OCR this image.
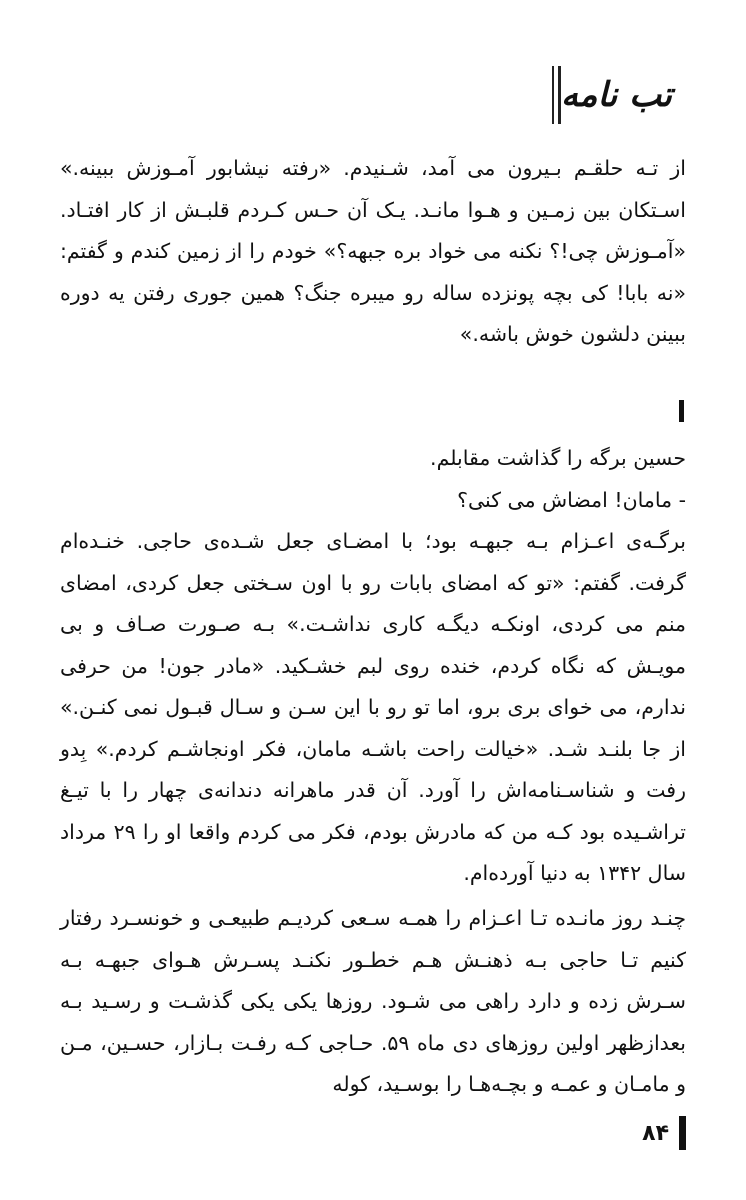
تب نامه

از تـه حلقـم بـیرون می آمد، شـنیدم. «رفته نیشابور آمـوزش ببینه.» اسـتکان بین زمـین و هـوا مانـد. یـک آن حـس کـردم قلبـش از کار افتـاد. «آمـوزش چی!؟ نکنه می خواد بره جبهه؟» خودم را از زمین کندم و گفتم: «نه بابا! کی بچه پونزده ساله رو میبره جنگ؟ همین جوری رفتن یه دوره ببینن دلشون خوش باشه.»

حسین برگه را گذاشت مقابلم.

- مامان! امضاش می کنی؟

برگـه‌ی اعـزام بـه جبهـه بود؛ با امضـای جعل شـده‌ی حاجی. خنـده‌ام گرفت. گفتم: «تو که امضای بابات رو با اون سـختی جعل کردی، امضای منم می کردی، اونکـه دیگـه کاری نداشـت.» بـه صـورت صـاف و بی مویـش که نگاه کردم، خنده روی لبم خشـکید. «مادر جون! من حرفی ندارم، می خوای بری برو، اما تو رو با این سـن و سـال قبـول نمی کنـن.» از جا بلنـد شـد. «خیالت راحت باشـه مامان، فکر اونجاشـم کردم.» بِدو رفت و شناسـنامه‌اش را آورد. آن قدر ماهرانه دندانه‌ی چهار را با تیـغ تراشـیده بود کـه من که مادرش بودم، فکر می کردم واقعا او را ۲۹ مرداد سال ۱۳۴۲ به دنیا آورده‌ام.

چنـد روز مانـده تـا اعـزام را همـه سـعی کردیـم طبیعـی و خونسـرد رفتار کنیم تـا حاجی بـه ذهنـش هـم خطـور نکنـد پسـرش هـوای جبهـه بـه سـرش زده و دارد راهی می شـود. روزها یکی یکی گذشـت و رسـید بـه بعدازظهر اولین روزهای دی ماه ۵۹. حـاجی کـه رفـت بـازار، حسـین، مـن و مامـان و عمـه و بچـه‌هـا را بوسـید، کوله

۸۴
